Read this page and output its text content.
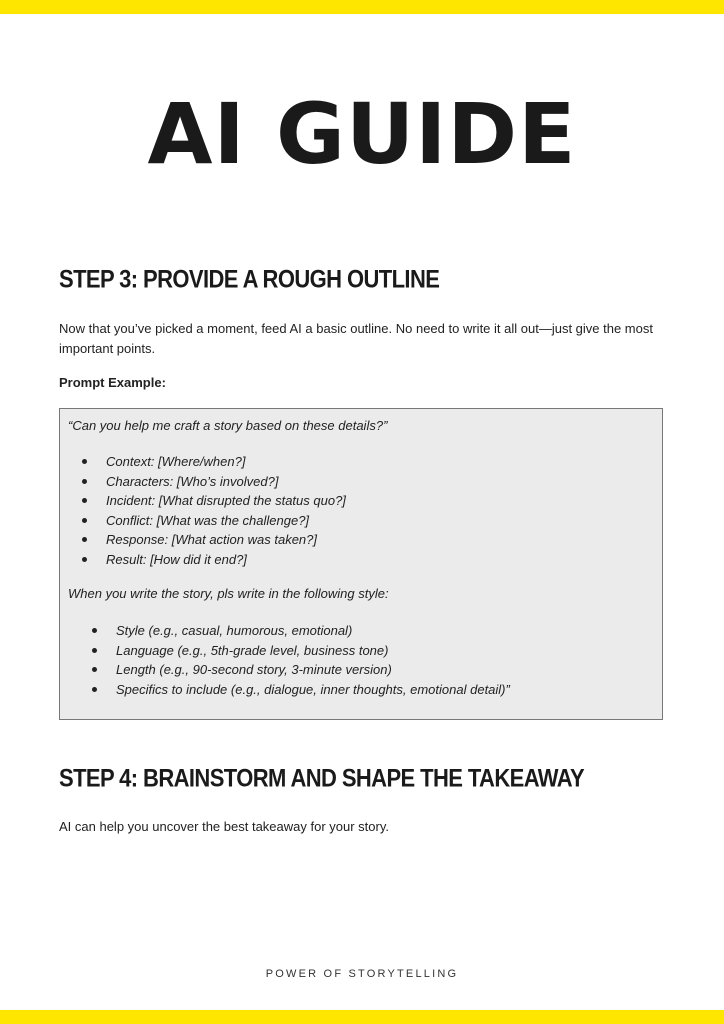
AI GUIDE
STEP 3: PROVIDE A ROUGH OUTLINE
Now that you’ve picked a moment, feed AI a basic outline. No need to write it all out—just give the most important points.
Prompt Example:
“Can you help me craft a story based on these details?”
Context: [Where/when?]
Characters: [Who’s involved?]
Incident: [What disrupted the status quo?]
Conflict: [What was the challenge?]
Response: [What action was taken?]
Result: [How did it end?]
When you write the story, pls write in the following style:
Style (e.g., casual, humorous, emotional)
Language (e.g., 5th-grade level, business tone)
Length (e.g., 90-second story, 3-minute version)
Specifics to include (e.g., dialogue, inner thoughts, emotional detail)”
STEP 4: BRAINSTORM AND SHAPE THE TAKEAWAY
AI can help you uncover the best takeaway for your story.
POWER OF STORYTELLING
